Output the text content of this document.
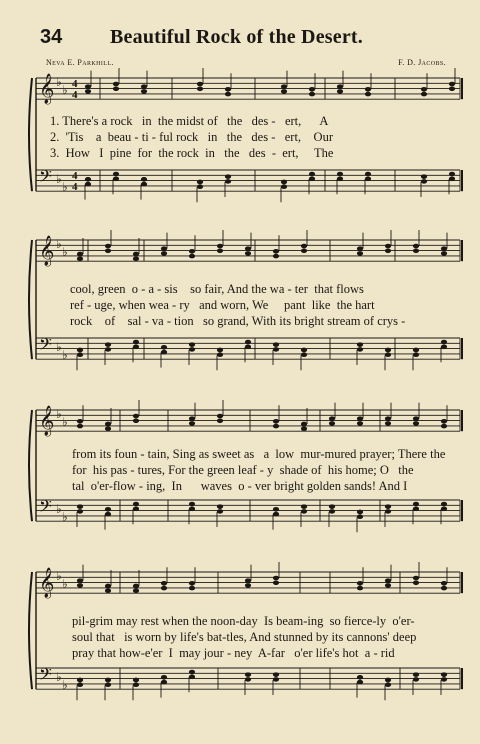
34 Beautiful Rock of the Desert.
Neva E. Parkhill.	F. D. Jacobs.
𝄞
𝄢
♭
♭
♭
♭
4
4
4
4
𝄞
𝄢
♭
♭
♭
♭
𝄞
𝄢
♭
♭
♭
♭
𝄞
𝄢
♭
♭
♭
♭
1. There's a rock   in  the midst of   the   des -   ert,      A
2.  'Tis    a  beau - ti - ful rock   in   the   des -   ert,    Our
3.  How   I  pine  for  the rock  in   the   des  -  ert,     The
cool, green  o - a - sis    so fair, And the wa - ter  that flows
ref - uge, when wea - ry   and worn, We     pant  like  the hart
rock    of    sal - va - tion   so grand, With its bright stream of crys -
from its foun - tain, Sing as sweet as   a  low  mur-mured prayer; There the
for  his pas - tures, For the green leaf - y  shade of  his home; O   the
tal  o'er-flow - ing,  In      waves  o - ver bright golden sands! And I
pil-grim may rest when the noon-day  Is beam-ing  so fierce-ly  o'er-
soul that   is worn by life's bat-tles, And stunned by its cannons' deep
pray that how-e'er  I  may jour - ney  A-far   o'er life's hot  a - rid
